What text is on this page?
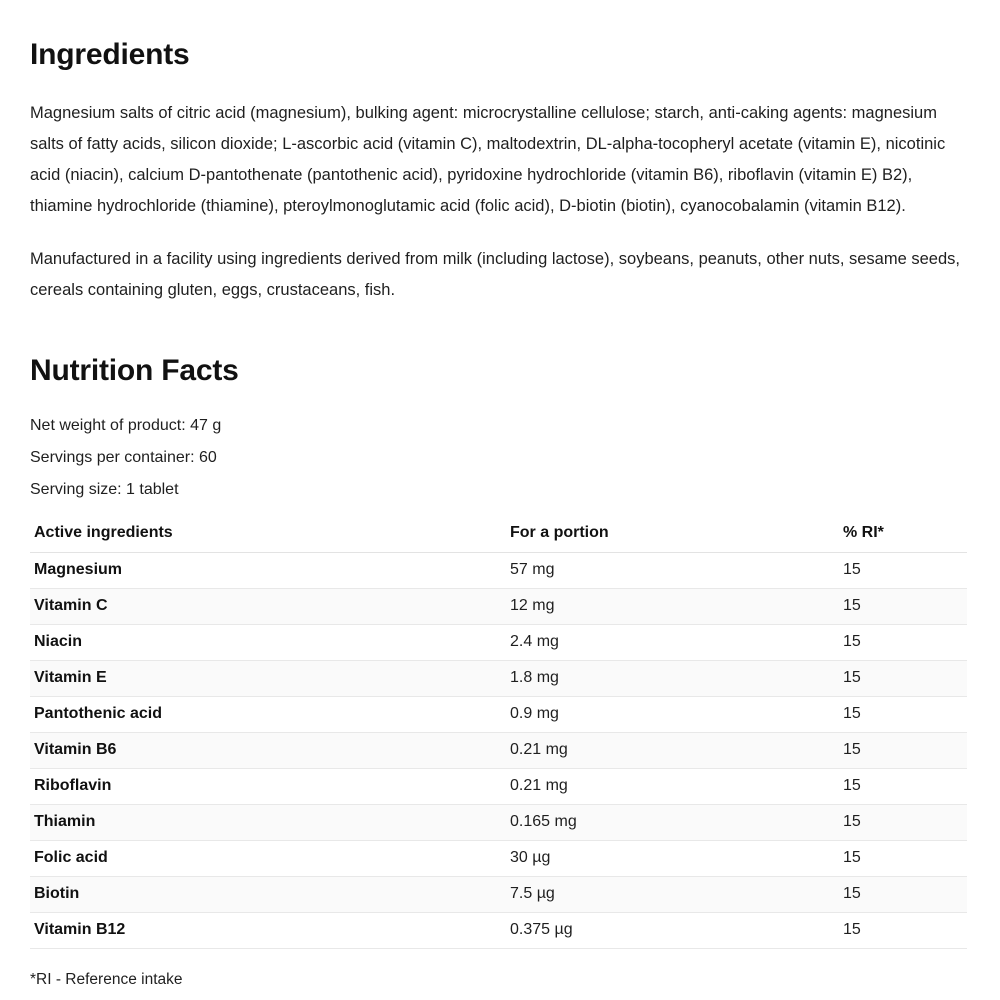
Ingredients

Magnesium salts of citric acid (magnesium), bulking agent: microcrystalline cellulose; starch, anti-caking agents: magnesium salts of fatty acids, silicon dioxide; L-ascorbic acid (vitamin C), maltodextrin, DL-alpha-tocopheryl acetate (vitamin E), nicotinic acid (niacin), calcium D-pantothenate (pantothenic acid), pyridoxine hydrochloride (vitamin B6), riboflavin (vitamin E) B2), thiamine hydrochloride (thiamine), pteroylmonoglutamic acid (folic acid), D-biotin (biotin), cyanocobalamin (vitamin B12).

Manufactured in a facility using ingredients derived from milk (including lactose), soybeans, peanuts, other nuts, sesame seeds, cereals containing gluten, eggs, crustaceans, fish.

Nutrition Facts
Net weight of product: 47 g
Servings per container: 60
Serving size: 1 tablet
Active ingredients	For a portion	% RI*
Magnesium	57 mg	15
Vitamin C	12 mg	15
Niacin	2.4 mg	15
Vitamin E	1.8 mg	15
Pantothenic acid	0.9 mg	15
Vitamin B6	0.21 mg	15
Riboflavin	0.21 mg	15
Thiamin	0.165 mg	15
Folic acid	30 µg	15
Biotin	7.5 µg	15
Vitamin B12	0.375 µg	15
*RI - Reference intake
